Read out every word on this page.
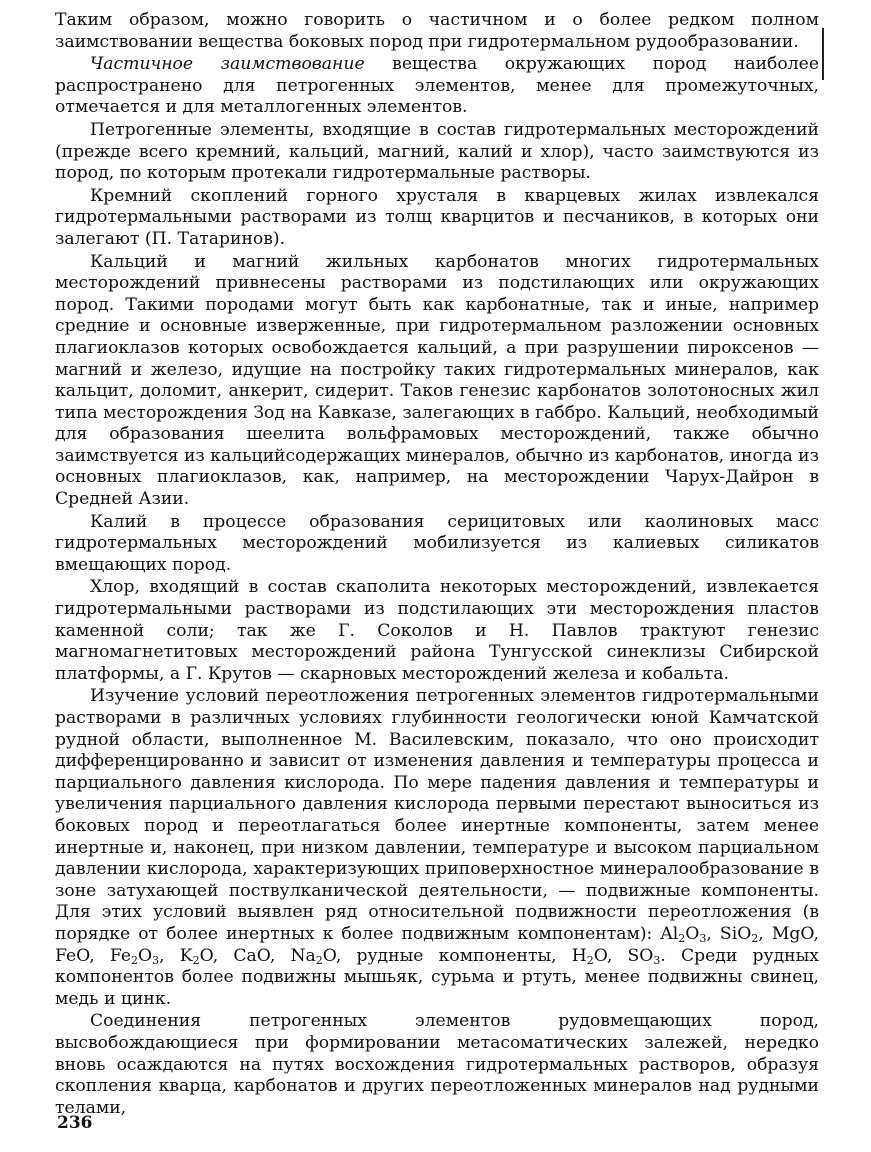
Таким образом, можно говорить о частичном и о более редком полном заимствовании вещества боковых пород при гидротермальном рудообразовании.

Частичное заимствование вещества окружающих пород наиболее распространено для петрогенных элементов, менее для промежуточных, отмечается и для металлогенных элементов.

Петрогенные элементы, входящие в состав гидротермальных месторождений (прежде всего кремний, кальций, магний, калий и хлор), часто заимствуются из пород, по которым протекали гидротермальные растворы.

Кремний скоплений горного хрусталя в кварцевых жилах извлекался гидротермальными растворами из толщ кварцитов и песчаников, в которых они залегают (П. Татаринов).

Кальций и магний жильных карбонатов многих гидротермальных месторождений привнесены растворами из подстилающих или окружающих пород. Такими породами могут быть как карбонатные, так и иные, например средние и основные изверженные, при гидротермальном разложении основных плагиоклазов которых освобождается кальций, а при разрушении пироксенов — магний и железо, идущие на постройку таких гидротермальных минералов, как кальцит, доломит, анкерит, сидерит. Таков генезис карбонатов золотоносных жил типа месторождения Зод на Кавказе, залегающих в габбро. Кальций, необходимый для образования шеелита вольфрамовых месторождений, также обычно заимствуется из кальцийсодержащих минералов, обычно из карбонатов, иногда из основных плагиоклазов, как, например, на месторождении Чарух-Дайрон в Средней Азии.

Калий в процессе образования серицитовых или каолиновых масс гидротермальных месторождений мобилизуется из калиевых силикатов вмещающих пород.

Хлор, входящий в состав скаполита некоторых месторождений, извлекается гидротермальными растворами из подстилающих эти месторождения пластов каменной соли; так же Г. Соколов и Н. Павлов трактуют генезис магномагнетитовых месторождений района Тунгусской синеклизы Сибирской платформы, а Г. Крутов — скарновых месторождений железа и кобальта.

Изучение условий переотложения петрогенных элементов гидротермальными растворами в различных условиях глубинности геологически юной Камчатской рудной области, выполненное М. Василевским, показало, что оно происходит дифференцированно и зависит от изменения давления и температуры процесса и парциального давления кислорода. По мере падения давления и температуры и увеличения парциального давления кислорода первыми перестают выноситься из боковых пород и переотлагаться более инертные компоненты, затем менее инертные и, наконец, при низком давлении, температуре и высоком парциальном давлении кислорода, характеризующих приповерхностное минералообразование в зоне затухающей поствулканической деятельности, — подвижные компоненты. Для этих условий выявлен ряд относительной подвижности переотложения (в порядке от более инертных к более подвижным компонентам): $Al_2O_3$, SiO$_2$, MgO, FeO, $Fe_2O_3$, $K_2O$, CaO, $Na_2O$, рудные компоненты, $H_2O$, $SO_3$. Среди рудных компонентов более подвижны мышьяк, сурьма и ртуть, менее подвижны свинец, медь и цинк.

Соединения петрогенных элементов рудовмещающих пород, высвобождающиеся при формировании метасоматических залежей, нередко вновь осаждаются на путях восхождения гидротермальных растворов, образуя скопления кварца, карбонатов и других переотложенных минералов над рудными телами,

236
